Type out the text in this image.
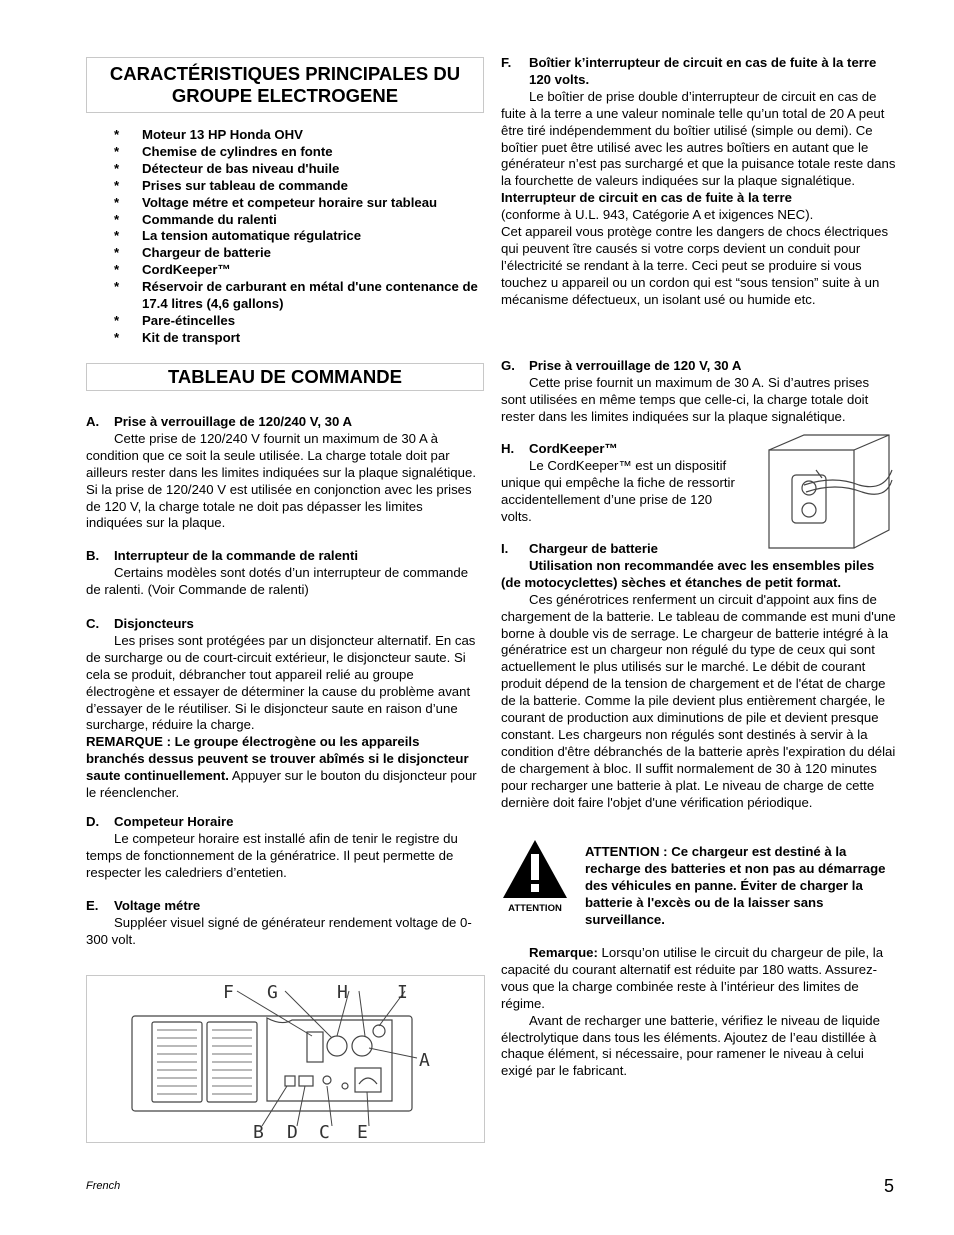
CARACTÉRISTIQUES PRINCIPALES DU
GROUPE ELECTROGENE
* Moteur 13 HP Honda OHV
* Chemise de cylindres en fonte
* Détecteur de bas niveau d'huile
* Prises sur tableau de commande
* Voltage métre et competeur horaire sur tableau
* Commande du ralenti
* La tension automatique régulatrice
* Chargeur de batterie
* CordKeeper™
* Réservoir de carburant en métal d'une contenance de 17.4 litres (4,6 gallons)
* Pare-étincelles
* Kit de transport
TABLEAU DE COMMANDE
A. Prise à verrouillage de 120/240 V, 30 A

Cette prise de 120/240 V fournit un maximum de 30 A à condition que ce soit la seule utilisée. La charge totale doit par ailleurs rester dans les limites indiquées sur la plaque signalétique. Si la prise de 120/240 V est utilisée en conjonction avec les prises de 120 V, la charge totale ne doit pas dépasser les limites indiquées sur la plaque.

B. Interrupteur de la commande de ralenti

Certains modèles sont dotés d’un interrupteur de commande de ralenti. (Voir Commande de ralenti)

C. Disjoncteurs

Les prises sont protégées par un disjoncteur alternatif. En cas de surcharge ou de court-circuit extérieur, le disjoncteur saute. Si cela se produit, débrancher tout appareil relié au groupe électrogène et essayer de déterminer la cause du problème avant d’essayer de le réutiliser. Si le disjoncteur saute en raison d’une surcharge, réduire la charge.

REMARQUE : Le groupe électrogène ou les appareils branchés dessus peuvent se trouver abîmés si le disjoncteur saute continuellement. Appuyer sur le bouton du disjoncteur pour le réenclencher.

D. Competeur Horaire

Le competeur horaire est installé afin de tenir le registre du temps de fonctionnement de la génératrice. Il peut permette de respecter les caledriers d’entetien.

E. Voltage métre

Suppléer visuel signé de générateur rendement voltage de 0-300 volt.

F G	H	I
A
B D C E
F. Boîtier k’interrupteur de circuit en cas de fuite à la terre 120 volts.

Le boîtier de prise double d’interrupteur de circuit en cas de fuite à la terre a une valeur nominale telle qu’un total de 20 A peut être tiré indépendemment du boîtier utilisé (simple ou demi). Ce boîtier puet être utilisé avec les autres boîtiers en autant que le générateur n’est pas surchargé et que la puisance totale reste dans la fourchette de valeurs indiquées sur la plaque signalétique.

Interrupteur de circuit en cas de fuite à la terre

(conforme à U.L. 943, Catégorie A et ixigences NEC).

Cet appareil vous protège contre les dangers de chocs électriques qui peuvent ître causés si votre corps devient un conduit pour l’électricité se rendant à la terre. Ceci peut se produire si vous touchez u appareil ou un cordon qui est “sous tension” suite à un mécanisme défectueux, un isolant usé ou humide etc.

G. Prise à verrouillage de 120 V, 30 A

Cette prise fournit un maximum de 30 A. Si d’autres prises sont utilisées en même temps que celle-ci, la charge totale doit rester dans les limites indiquées sur la plaque signalétique.

H. CordKeeper™

Le CordKeeper™ est un dispositif unique qui empêche la fiche de ressortir accidentellement d’une prise de 120 volts.

I. Chargeur de batterie

Utilisation non recommandée avec les ensembles piles (de motocyclettes) sèches et étanches de petit format.

Ces générotrices renferment un circuit d'appoint aux fins de chargement de la batterie. Le tableau de commande est muni d'une borne à double vis de serrage. Le chargeur de batterie intégré à la génératrice est un chargeur non régulé du type de ceux qui sont actuellement le plus utilisés sur le marché. Le débit de courant produit dépend de la tension de chargement et de l'état de charge de la batterie. Comme la pile devient plus entièrement chargée, le courant de production aux diminutions de pile et devient presque constant. Les chargeurs non régulés sont destinés à servir à la condition d'être débranchés de la batterie après l'expiration du délai de chargement à bloc. Il suffit normalement de 30 à 120 minutes pour recharger une batterie à plat. Le niveau de charge de cette dernière doit faire l'objet d'une vérification périodique.

ATTENTION

ATTENTION : Ce chargeur est destiné à la recharge des batteries et non pas au démarrage des véhicules en panne. Éviter de charger la batterie à l'excès ou de la laisser sans surveillance.

Remarque: Lorsqu’on utilise le circuit du chargeur de pile, la capacité du courant alternatif est réduite par 180 watts. Assurez-vous que la charge combinée reste à l’intérieur des limites de régime.

Avant de recharger une batterie, vérifiez le niveau de liquide électrolytique dans tous les éléments. Ajoutez de l’eau distillée à chaque élément, si nécessaire, pour ramener le niveau à celui exigé par le fabricant.

French	5
